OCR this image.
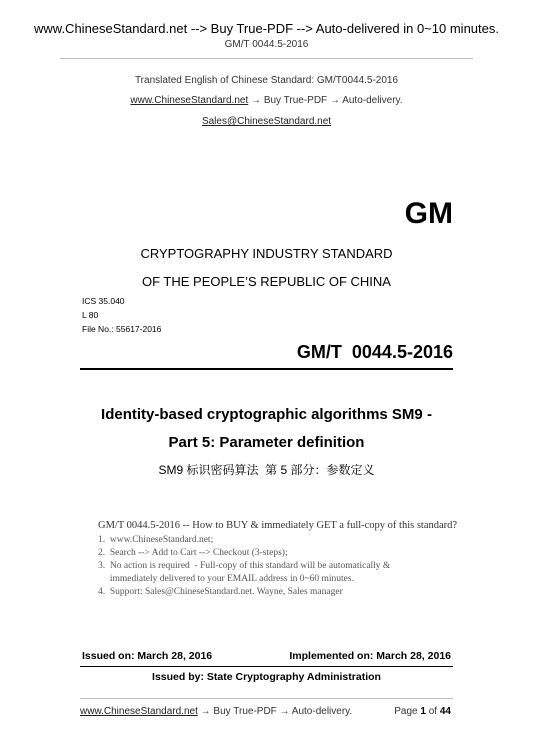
www.ChineseStandard.net --> Buy True-PDF --> Auto-delivered in 0~10 minutes.
GM/T 0044.5-2016
Translated English of Chinese Standard: GM/T0044.5-2016
www.ChineseStandard.net → Buy True-PDF → Auto-delivery.
Sales@ChineseStandard.net
GM
CRYPTOGRAPHY INDUSTRY STANDARD
OF THE PEOPLE’S REPUBLIC OF CHINA
ICS 35.040
L 80
File No.: 55617-2016
GM/T  0044.5-2016
Identity-based cryptographic algorithms SM9 -
Part 5: Parameter definition
SM9 标识密码算法  第 5 部分：参数定义
GM/T 0044.5-2016 -- How to BUY & immediately GET a full-copy of this standard?
1.  www.ChineseStandard.net;
2.  Search --> Add to Cart --> Checkout (3-steps);
3.  No action is required  - Full-copy of this standard will be automatically &
immediately delivered to your EMAIL address in 0~60 minutes.
4.  Support: Sales@ChineseStandard.net. Wayne, Sales manager
Issued on: March 28, 2016	Implemented on: March 28, 2016
Issued by: State Cryptography Administration
www.ChineseStandard.net → Buy True-PDF → Auto-delivery.	Page 1 of 44
